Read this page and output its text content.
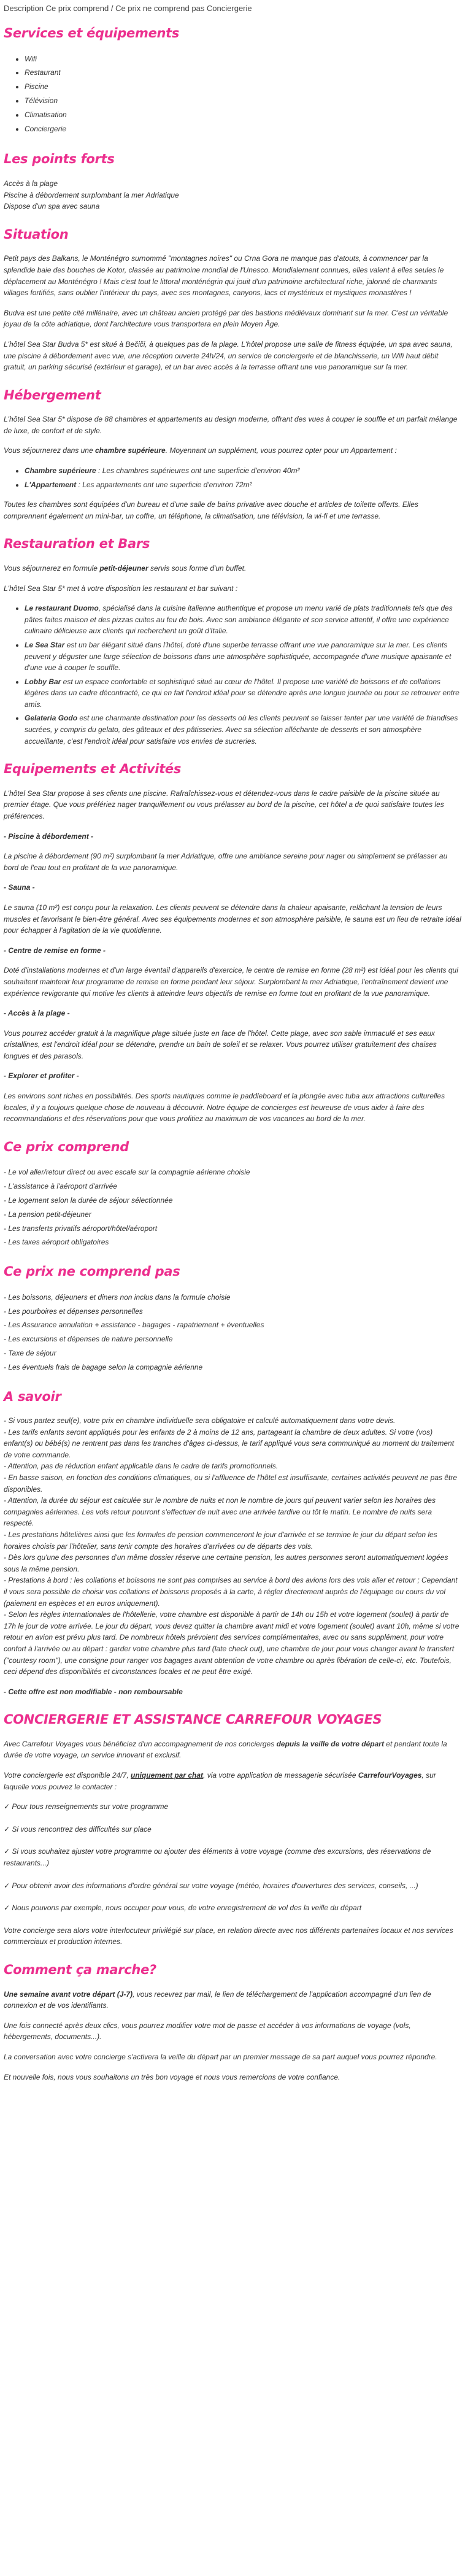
Description Ce prix comprend / Ce prix ne comprend pas Conciergerie
Services et équipements
• Wifi
• Restaurant
• Piscine
• Télévision
• Climatisation
• Conciergerie
Les points forts
Accès à la plage
Piscine à débordement surplombant la mer Adriatique
Dispose d'un spa avec sauna
Situation

Petit pays des Balkans, le Monténégro surnommé "montagnes noires" ou Crna Gora ne manque pas d'atouts, à commencer par la splendide baie des bouches de Kotor, classée au patrimoine mondial de l'Unesco. Mondialement connues, elles valent à elles seules le déplacement au Monténégro ! Mais c'est tout le littoral monténégrin qui jouit d'un patrimoine architectural riche, jalonné de charmants villages fortifiés, sans oublier l'intérieur du pays, avec ses montagnes, canyons, lacs et mystérieux et mystiques monastères !

Budva est une petite cité millénaire, avec un château ancien protégé par des bastions médiévaux dominant sur la mer. C'est un véritable joyau de la côte adriatique, dont l'architecture vous transportera en plein Moyen Âge.

L'hôtel Sea Star Budva 5* est situé à Bečiči, à quelques pas de la plage. L'hôtel propose une salle de fitness équipée, un spa avec sauna, une piscine à débordement avec vue, une réception ouverte 24h/24, un service de conciergerie et de blanchisserie, un Wifi haut débit gratuit, un parking sécurisé (extérieur et garage), et un bar avec accès à la terrasse offrant une vue panoramique sur la mer.

Hébergement

L'hôtel Sea Star 5* dispose de 88 chambres et appartements au design moderne, offrant des vues à couper le souffle et un parfait mélange de luxe, de confort et de style.

Vous séjournerez dans une chambre supérieure. Moyennant un supplément, vous pourrez opter pour un Appartement :

• Chambre supérieure : Les chambres supérieures ont une superficie d'environ 40m²
• L'Appartement : Les appartements ont une superficie d'environ 72m²

Toutes les chambres sont équipées d'un bureau et d'une salle de bains privative avec douche et articles de toilette offerts. Elles comprennent également un mini-bar, un coffre, un téléphone, la climatisation, une télévision, la wi-fi et une terrasse.

Restauration et Bars

Vous séjournerez en formule petit-déjeuner servis sous forme d'un buffet.

L'hôtel Sea Star 5* met à votre disposition les restaurant et bar suivant :

• Le restaurant Duomo, spécialisé dans la cuisine italienne authentique et propose un menu varié de plats traditionnels tels que des pâtes faites maison et des pizzas cuites au feu de bois. Avec son ambiance élégante et son service attentif, il offre une expérience culinaire délicieuse aux clients qui recherchent un goût d'Italie.
• Le Sea Star est un bar élégant situé dans l'hôtel, doté d'une superbe terrasse offrant une vue panoramique sur la mer. Les clients peuvent y déguster une large sélection de boissons dans une atmosphère sophistiquée, accompagnée d'une musique apaisante et d'une vue à couper le souffle.
• Lobby Bar est un espace confortable et sophistiqué situé au cœur de l'hôtel. Il propose une variété de boissons et de collations légères dans un cadre décontracté, ce qui en fait l'endroit idéal pour se détendre après une longue journée ou pour se retrouver entre amis.
• Gelateria Godo est une charmante destination pour les desserts où les clients peuvent se laisser tenter par une variété de friandises sucrées, y compris du gelato, des gâteaux et des pâtisseries. Avec sa sélection alléchante de desserts et son atmosphère accueillante, c'est l'endroit idéal pour satisfaire vos envies de sucreries.
Equipements et Activités

L'hôtel Sea Star propose à ses clients une piscine. Rafraîchissez-vous et détendez-vous dans le cadre paisible de la piscine située au premier étage. Que vous préfériez nager tranquillement ou vous prélasser au bord de la piscine, cet hôtel a de quoi satisfaire toutes les préférences.

- Piscine à débordement -

La piscine à débordement (90 m²) surplombant la mer Adriatique, offre une ambiance sereine pour nager ou simplement se prélasser au bord de l'eau tout en profitant de la vue panoramique.

- Sauna -

Le sauna (10 m²) est conçu pour la relaxation. Les clients peuvent se détendre dans la chaleur apaisante, relâchant la tension de leurs muscles et favorisant le bien-être général. Avec ses équipements modernes et son atmosphère paisible, le sauna est un lieu de retraite idéal pour échapper à l'agitation de la vie quotidienne.

- Centre de remise en forme -

Doté d'installations modernes et d'un large éventail d'appareils d'exercice, le centre de remise en forme (28 m²) est idéal pour les clients qui souhaitent maintenir leur programme de remise en forme pendant leur séjour. Surplombant la mer Adriatique, l'entraînement devient une expérience revigorante qui motive les clients à atteindre leurs objectifs de remise en forme tout en profitant de la vue panoramique.

- Accès à la plage -

Vous pourrez accéder gratuit à la magnifique plage située juste en face de l'hôtel. Cette plage, avec son sable immaculé et ses eaux cristallines, est l'endroit idéal pour se détendre, prendre un bain de soleil et se relaxer. Vous pourrez utiliser gratuitement des chaises longues et des parasols.

- Explorer et profiter -

Les environs sont riches en possibilités. Des sports nautiques comme le paddleboard et la plongée avec tuba aux attractions culturelles locales, il y a toujours quelque chose de nouveau à découvrir. Notre équipe de concierges est heureuse de vous aider à faire des recommandations et des réservations pour que vous profitiez au maximum de vos vacances au bord de la mer.

Ce prix comprend
- Le vol aller/retour direct ou avec escale sur la compagnie aérienne choisie
- L'assistance à l'aéroport d'arrivée
- Le logement selon la durée de séjour sélectionnée
- La pension petit-déjeuner
- Les transferts privatifs aéroport/hôtel/aéroport
- Les taxes aéroport obligatoires
Ce prix ne comprend pas
- Les boissons, déjeuners et diners non inclus dans la formule choisie
- Les pourboires et dépenses personnelles
- Les Assurance annulation + assistance - bagages - rapatriement + éventuelles
- Les excursions et dépenses de nature personnelle
- Taxe de séjour
- Les éventuels frais de bagage selon la compagnie aérienne
A savoir
- Si vous partez seul(e), votre prix en chambre individuelle sera obligatoire et calculé automatiquement dans votre devis.
- Les tarifs enfants seront appliqués pour les enfants de 2 à moins de 12 ans, partageant la chambre de deux adultes. Si votre (vos) enfant(s) ou bébé(s) ne rentrent pas dans les tranches d'âges ci-dessus, le tarif appliqué vous sera communiqué au moment du traitement de votre commande.
- Attention, pas de réduction enfant applicable dans le cadre de tarifs promotionnels.
- En basse saison, en fonction des conditions climatiques, ou si l'affluence de l'hôtel est insuffisante, certaines activités peuvent ne pas être disponibles.
- Attention, la durée du séjour est calculée sur le nombre de nuits et non le nombre de jours qui peuvent varier selon les horaires des compagnies aériennes. Les vols retour pourront s'effectuer de nuit avec une arrivée tardive ou tôt le matin. Le nombre de nuits sera respecté.
- Les prestations hôtelières ainsi que les formules de pension commenceront le jour d'arrivée et se termine le jour du départ selon les horaires choisis par l'hôtelier, sans tenir compte des horaires d'arrivées ou de départs des vols.
- Dès lors qu'une des personnes d'un même dossier réserve une certaine pension, les autres personnes seront automatiquement logées sous la même pension.
- Prestations à bord : les collations et boissons ne sont pas comprises au service à bord des avions lors des vols aller et retour ; Cependant il vous sera possible de choisir vos collations et boissons proposés à la carte, à régler directement auprès de l'équipage ou cours du vol (paiement en espèces et en euros uniquement).
- Selon les règles internationales de l'hôtellerie, votre chambre est disponible à partir de 14h ou 15h et votre logement (soulet) à partir de 17h le jour de votre arrivée. Le jour du départ, vous devez quitter la chambre avant midi et votre logement (soulet) avant 10h, même si votre retour en avion est prévu plus tard. De nombreux hôtels prévoient des services complémentaires, avec ou sans supplément, pour votre confort à l'arrivée ou au départ : garder votre chambre plus tard (late check out), une chambre de jour pour vous changer avant le transfert ("courtesy room"), une consigne pour ranger vos bagages avant obtention de votre chambre ou après libération de celle-ci, etc. Toutefois, ceci dépend des disponibilités et circonstances locales et ne peut être exigé.
- Cette offre est non modifiable - non remboursable
CONCIERGERIE ET ASSISTANCE CARREFOUR VOYAGES

Avec Carrefour Voyages vous bénéficiez d'un accompagnement de nos concierges depuis la veille de votre départ et pendant toute la durée de votre voyage, un service innovant et exclusif.

Votre conciergerie est disponible 24/7, uniquement par chat, via votre application de messagerie sécurisée CarrefourVoyages, sur laquelle vous pouvez le contacter :

✓ Pour tous renseignements sur votre programme

✓ Si vous rencontrez des difficultés sur place

✓ Si vous souhaitez ajuster votre programme ou ajouter des éléments à votre voyage (comme des excursions, des réservations de restaurants...)

✓ Pour obtenir avoir des informations d'ordre général sur votre voyage (météo, horaires d'ouvertures des services, conseils, ...)

✓ Nous pouvons par exemple, nous occuper pour vous, de votre enregistrement de vol des la veille du départ

Votre concierge sera alors votre interlocuteur privilégié sur place, en relation directe avec nos différents partenaires locaux et nos services commerciaux et production internes.

Comment ça marche?

Une semaine avant votre départ (J-7), vous recevrez par mail, le lien de téléchargement de l'application accompagné d'un lien de connexion et de vos identifiants.

Une fois connecté après deux clics, vous pourrez modifier votre mot de passe et accéder à vos informations de voyage (vols, hébergements, documents...).

La conversation avec votre concierge s'activera la veille du départ par un premier message de sa part auquel vous pourrez répondre.

Et nouvelle fois, nous vous souhaitons un très bon voyage et nous vous remercions de votre confiance.
